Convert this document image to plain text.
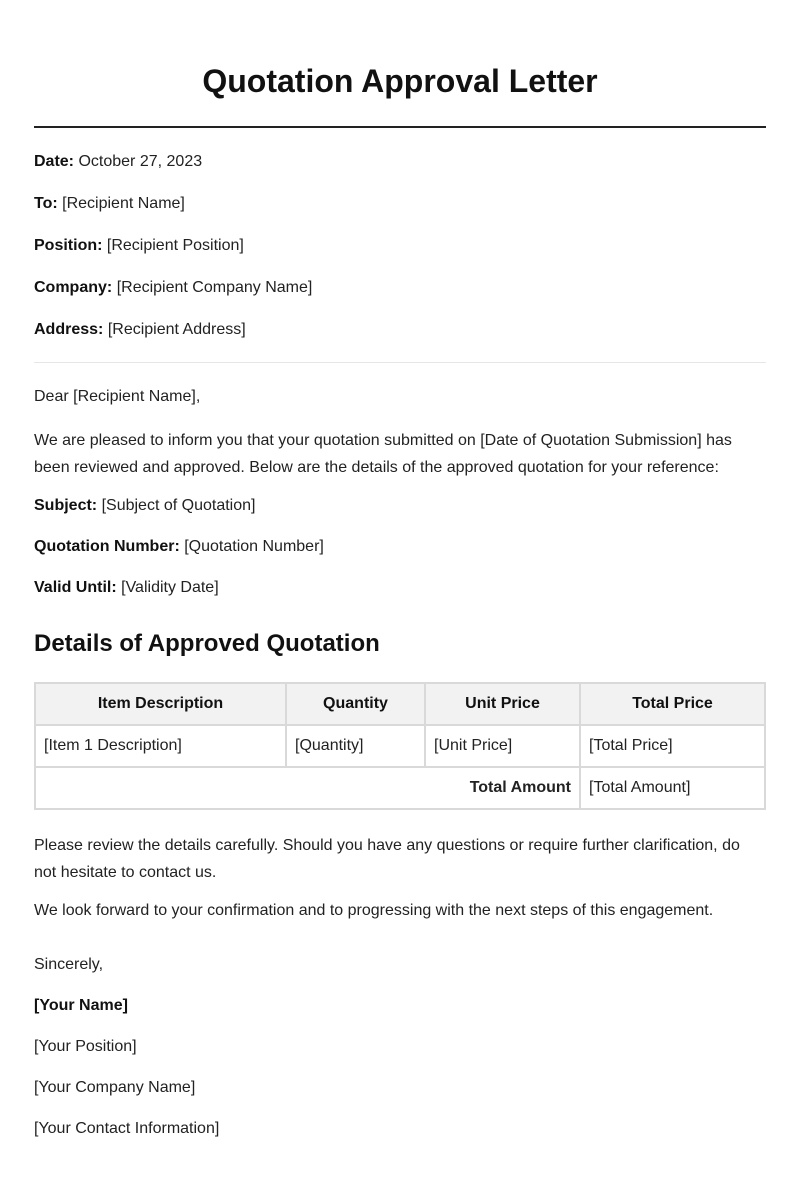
Quotation Approval Letter

Date: October 27, 2023

To: [Recipient Name]

Position: [Recipient Position]

Company: [Recipient Company Name]

Address: [Recipient Address]

Dear [Recipient Name],

We are pleased to inform you that your quotation submitted on [Date of Quotation Submission] has been reviewed and approved. Below are the details of the approved quotation for your reference:

Subject: [Subject of Quotation]

Quotation Number: [Quotation Number]

Valid Until: [Validity Date]

Details of Approved Quotation
Item Description	Quantity	Unit Price	Total Price
[Item 1 Description]	[Quantity]	[Unit Price]	[Total Price]
Total Amount			[Total Amount]

Please review the details carefully. Should you have any questions or require further clarification, do not hesitate to contact us.

We look forward to your confirmation and to progressing with the next steps of this engagement.

Sincerely,

[Your Name]

[Your Position]

[Your Company Name]

[Your Contact Information]
